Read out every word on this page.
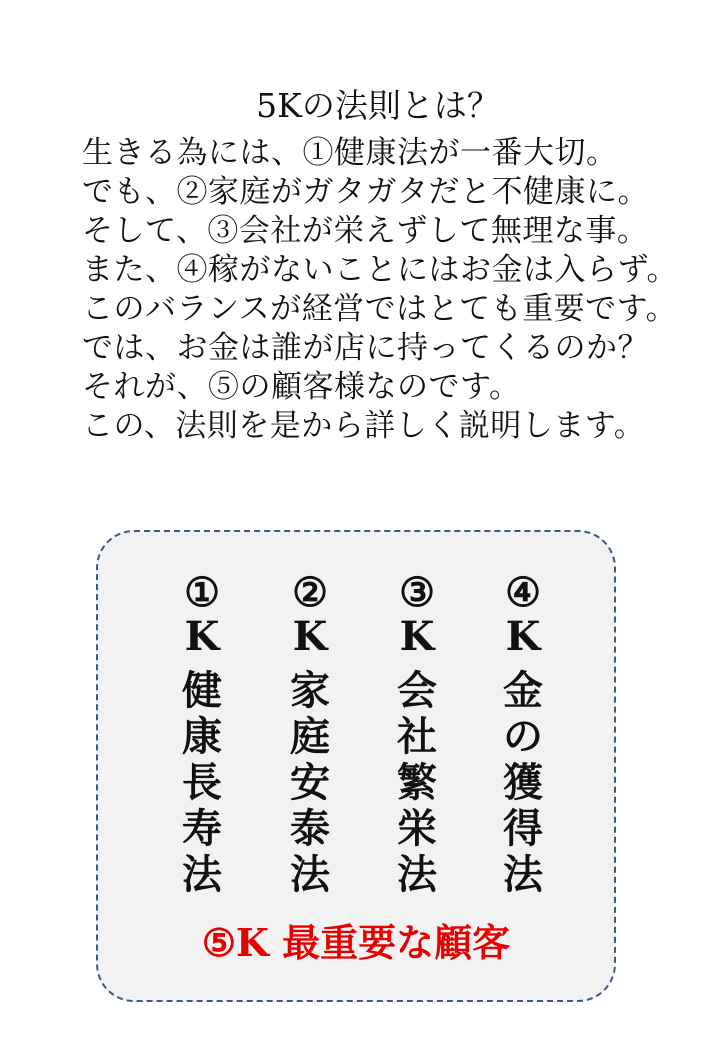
5Kの法則とは？
生きる為には、①健康法が一番大切。
でも、②家庭がガタガタだと不健康に。
そして、③会社が栄えずして無理な事。
また、④稼がないことにはお金は入らず。
このバランスが経営ではとても重要です。
では、お金は誰が店に持ってくるのか？
それが、⑤の顧客様なのです。
この、法則を是から詳しく説明します。
①
K
健
康
長
寿
法
②
K
家
庭
安
泰
法
③
K
会
社
繁
栄
法
④
K
金
の
獲
得
法
⑤K 最重要な顧客
